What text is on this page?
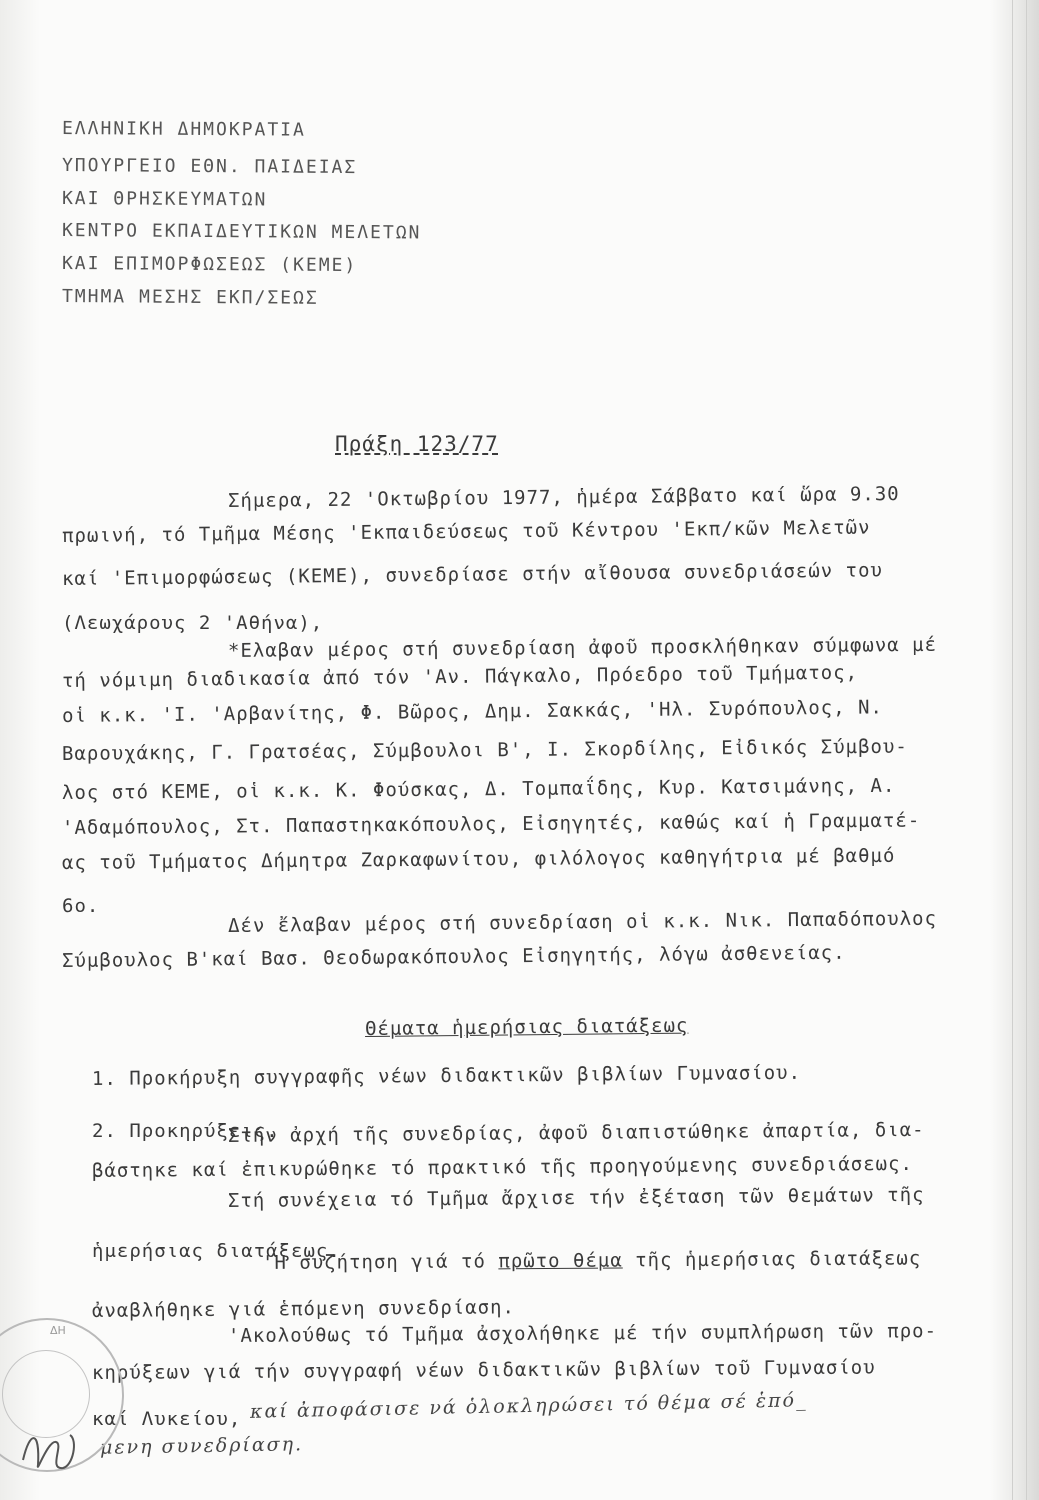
ΕΛΛΗΝΙΚΗ ΔΗΜΟΚΡΑΤΙΑ
ΥΠΟΥΡΓΕΙΟ ΕΘΝ. ΠΑΙΔΕΙΑΣ
ΚΑΙ ΘΡΗΣΚΕΥΜΑΤΩΝ
ΚΕΝΤΡΟ ΕΚΠΑΙΔΕΥΤΙΚΩΝ ΜΕΛΕΤΩΝ
ΚΑΙ ΕΠΙΜΟΡΦΩΣΕΩΣ (ΚΕΜΕ)
ΤΜΗΜΑ ΜΕΣΗΣ ΕΚΠ/ΣΕΩΣ
Πράξη 123/77
Σήμερα, 22 'Οκτωβρίου 1977, ἡμέρα Σάββατο καί ὥρα 9.30
πρωινή, τό Τμῆμα Μέσης 'Εκπαιδεύσεως τοῦ Κέντρου 'Εκπ/κῶν Μελετῶν
καί 'Επιμορφώσεως (ΚΕΜΕ), συνεδρίασε στήν αἴθουσα συνεδριάσεών του
(Λεωχάρους 2 'Αθήνα),
*Ελαβαν μέρος στή συνεδρίαση ἀφοῦ προσκλήθηκαν σύμφωνα μέ
τή νόμιμη διαδικασία ἀπό τόν 'Αν. Πάγκαλο, Πρόεδρο τοῦ Τμήματος,
οἱ κ.κ. 'Ι. 'Αρβανίτης, Φ. Βῶρος, Δημ. Σακκάς, 'Ηλ. Συρόπουλος, Ν.
Βαρουχάκης, Γ. Γρατσέας, Σύμβουλοι Β', Ι. Σκορδίλης, Εἰδικός Σύμβου-
λος στό ΚΕΜΕ, οἱ κ.κ. Κ. Φούσκας, Δ. Τομπαΐδης, Κυρ. Κατσιμάνης, Α.
'Αδαμόπουλος, Στ. Παπαστηκακόπουλος, Εἰσηγητές, καθώς καί ἡ Γραμματέ-
ας τοῦ Τμήματος Δήμητρα Ζαρκαφωνίτου, φιλόλογος καθηγήτρια μέ βαθμό
6ο.
Δέν ἔλαβαν μέρος στή συνεδρίαση οἱ κ.κ. Νικ. Παπαδόπουλος
Σύμβουλος Β'καί Βασ. Θεοδωρακόπουλος Εἰσηγητής, λόγω ἀσθενείας.
Θέματα ἡμερήσιας διατάξεως
1. Προκήρυξη συγγραφῆς νέων διδακτικῶν βιβλίων Γυμνασίου.
2. Προκηρύξεις.
Στήν ἀρχή τῆς συνεδρίας, ἀφοῦ διαπιστώθηκε ἀπαρτία, δια-
βάστηκε καί ἐπικυρώθηκε τό πρακτικό τῆς προηγούμενης συνεδριάσεως.
Στή συνέχεια τό Τμῆμα ἄρχισε τήν ἐξέταση τῶν θεμάτων τῆς
ἡμερήσιας διατάξεως.
'Η συζήτηση γιά τό πρῶτο θέμα τῆς ἡμερήσιας διατάξεως
ἀναβλήθηκε γιά ἑπόμενη συνεδρίαση.
'Ακολούθως τό Τμῆμα ἀσχολήθηκε μέ τήν συμπλήρωση τῶν προ-
κηρύξεων γιά τήν συγγραφή νέων διδακτικῶν βιβλίων τοῦ Γυμνασίου
καί Λυκείου, καί ἀποφάσισε νά ὁλοκληρώσει τό θέμα σέ ἑπό_
μενη συνεδρίαση.
ΔΗ
